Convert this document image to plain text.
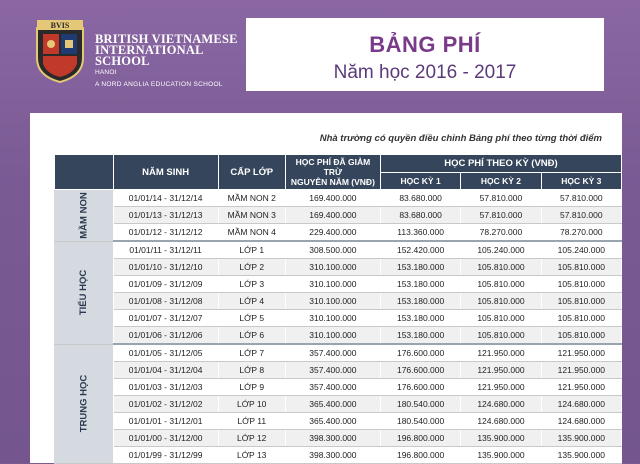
BVIS
BRITISH VIETNAMESE
INTERNATIONAL
SCHOOL
HANOI
A NORD ANGLIA EDUCATION SCHOOL
BẢNG PHÍ
Năm học 2016 - 2017
Nhà trường có quyền điều chỉnh Bảng phí theo từng thời điểm
	NĂM SINH	CẤP LỚP	HỌC PHÍ ĐÃ GIẢM TRỪ
NGUYÊN NĂM (VNĐ)	HỌC PHÍ THEO KỲ (VNĐ)		
				HỌC KỲ 1	HỌC KỲ 2	HỌC KỲ 3
MẦM NON	01/01/14 - 31/12/14	MẦM NON 2	169.400.000	83.680.000	57.810.000	57.810.000
	01/01/13 - 31/12/13	MẦM NON 3	169.400.000	83.680.000	57.810.000	57.810.000
	01/01/12 - 31/12/12	MẦM NON 4	229.400.000	113.360.000	78.270.000	78.270.000
TIỂU HỌC	01/01/11 - 31/12/11	LỚP 1	308.500.000	152.420.000	105.240.000	105.240.000
	01/01/10 - 31/12/10	LỚP 2	310.100.000	153.180.000	105.810.000	105.810.000
	01/01/09 - 31/12/09	LỚP 3	310.100.000	153.180.000	105.810.000	105.810.000
	01/01/08 - 31/12/08	LỚP 4	310.100.000	153.180.000	105.810.000	105.810.000
	01/01/07 - 31/12/07	LỚP 5	310.100.000	153.180.000	105.810.000	105.810.000
	01/01/06 - 31/12/06	LỚP 6	310.100.000	153.180.000	105.810.000	105.810.000
TRUNG HỌC	01/01/05 - 31/12/05	LỚP 7	357.400.000	176.600.000	121.950.000	121.950.000
	01/01/04 - 31/12/04	LỚP 8	357.400.000	176.600.000	121.950.000	121.950.000
	01/01/03 - 31/12/03	LỚP 9	357.400.000	176.600.000	121.950.000	121.950.000
	01/01/02 - 31/12/02	LỚP 10	365.400.000	180.540.000	124.680.000	124.680.000
	01/01/01 - 31/12/01	LỚP 11	365.400.000	180.540.000	124.680.000	124.680.000
	01/01/00 - 31/12/00	LỚP 12	398.300.000	196.800.000	135.900.000	135.900.000
	01/01/99 - 31/12/99	LỚP 13	398.300.000	196.800.000	135.900.000	135.900.000
